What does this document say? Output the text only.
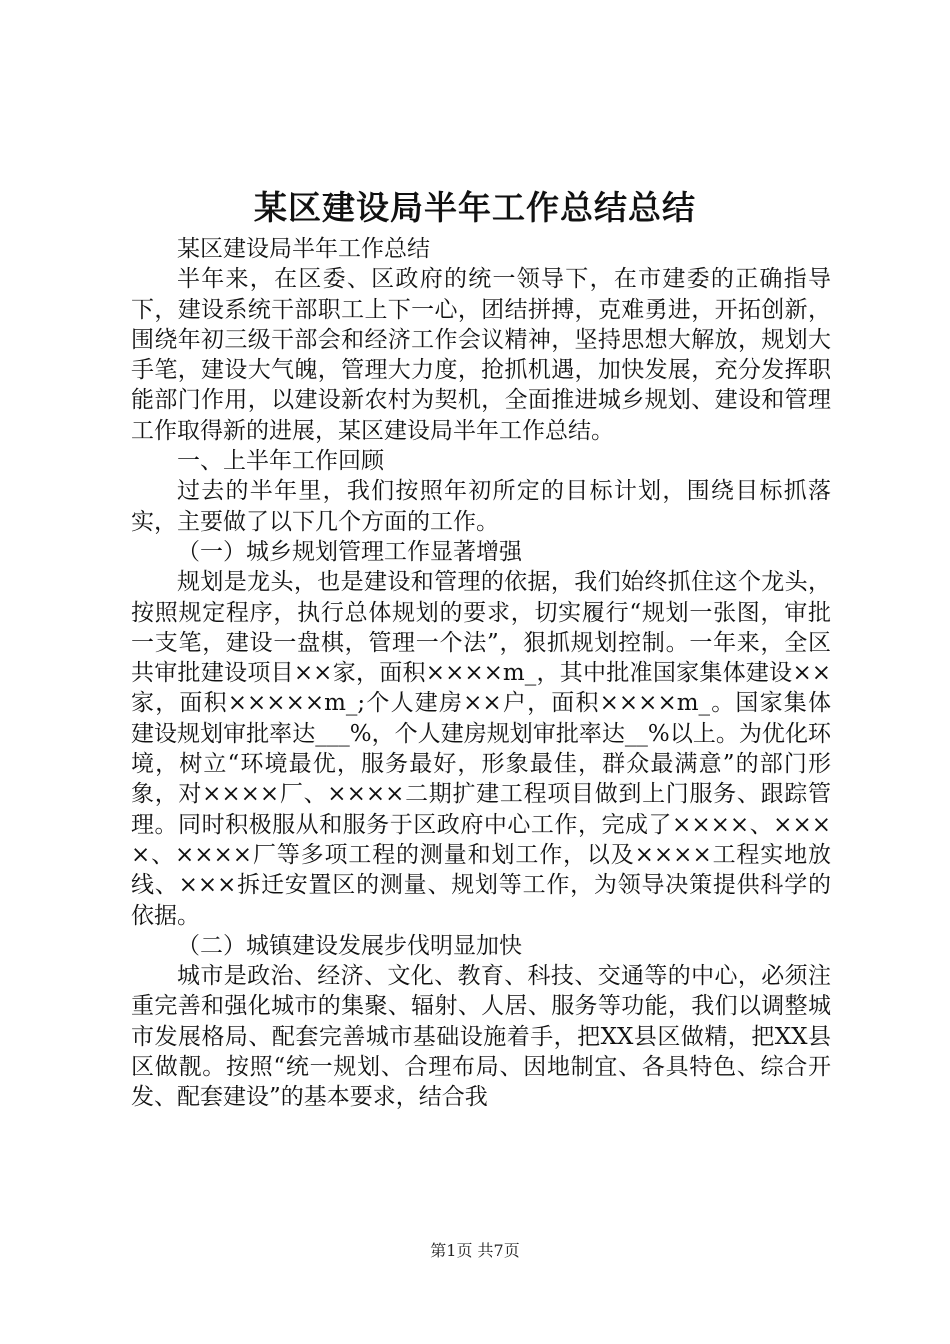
某区建设局半年工作总结总结

某区建设局半年工作总结

半年来，在区委、区政府的统一领导下，在市建委的正确指导下，建设系统干部职工上下一心，团结拼搏，克难勇进，开拓创新，围绕年初三级干部会和经济工作会议精神，坚持思想大解放，规划大手笔，建设大气魄，管理大力度，抢抓机遇，加快发展，充分发挥职能部门作用，以建设新农村为契机，全面推进城乡规划、建设和管理工作取得新的进展，某区建设局半年工作总结。

一、上半年工作回顾

过去的半年里，我们按照年初所定的目标计划，围绕目标抓落实，主要做了以下几个方面的工作。

（一）城乡规划管理工作显著增强

规划是龙头，也是建设和管理的依据，我们始终抓住这个龙头，按照规定程序，执行总体规划的要求，切实履行“规划一张图，审批一支笔，建设一盘棋，管理一个法”，狠抓规划控制。一年来，全区共审批建设项目××家，面积××××m_，其中批准国家集体建设××家，面积×××××m_;个人建房××户，面积××××m_。国家集体建设规划审批率达___%，个人建房规划审批率达__%以上。为优化环境，树立“环境最优，服务最好，形象最佳，群众最满意”的部门形象，对××××厂、××××二期扩建工程项目做到上门服务、跟踪管理。同时积极服从和服务于区政府中心工作，完成了××××、××××、××××厂等多项工程的测量和划工作，以及××××工程实地放线、×××拆迁安置区的测量、规划等工作，为领导决策提供科学的依据。

（二）城镇建设发展步伐明显加快

城市是政治、经济、文化、教育、科技、交通等的中心，必须注重完善和强化城市的集聚、辐射、人居、服务等功能，我们以调整城市发展格局、配套完善城市基础设施着手，把XX县区做精，把XX县区做靓。按照“统一规划、合理布局、因地制宜、各具特色、综合开发、配套建设”的基本要求，结合我

第1页 共7页
